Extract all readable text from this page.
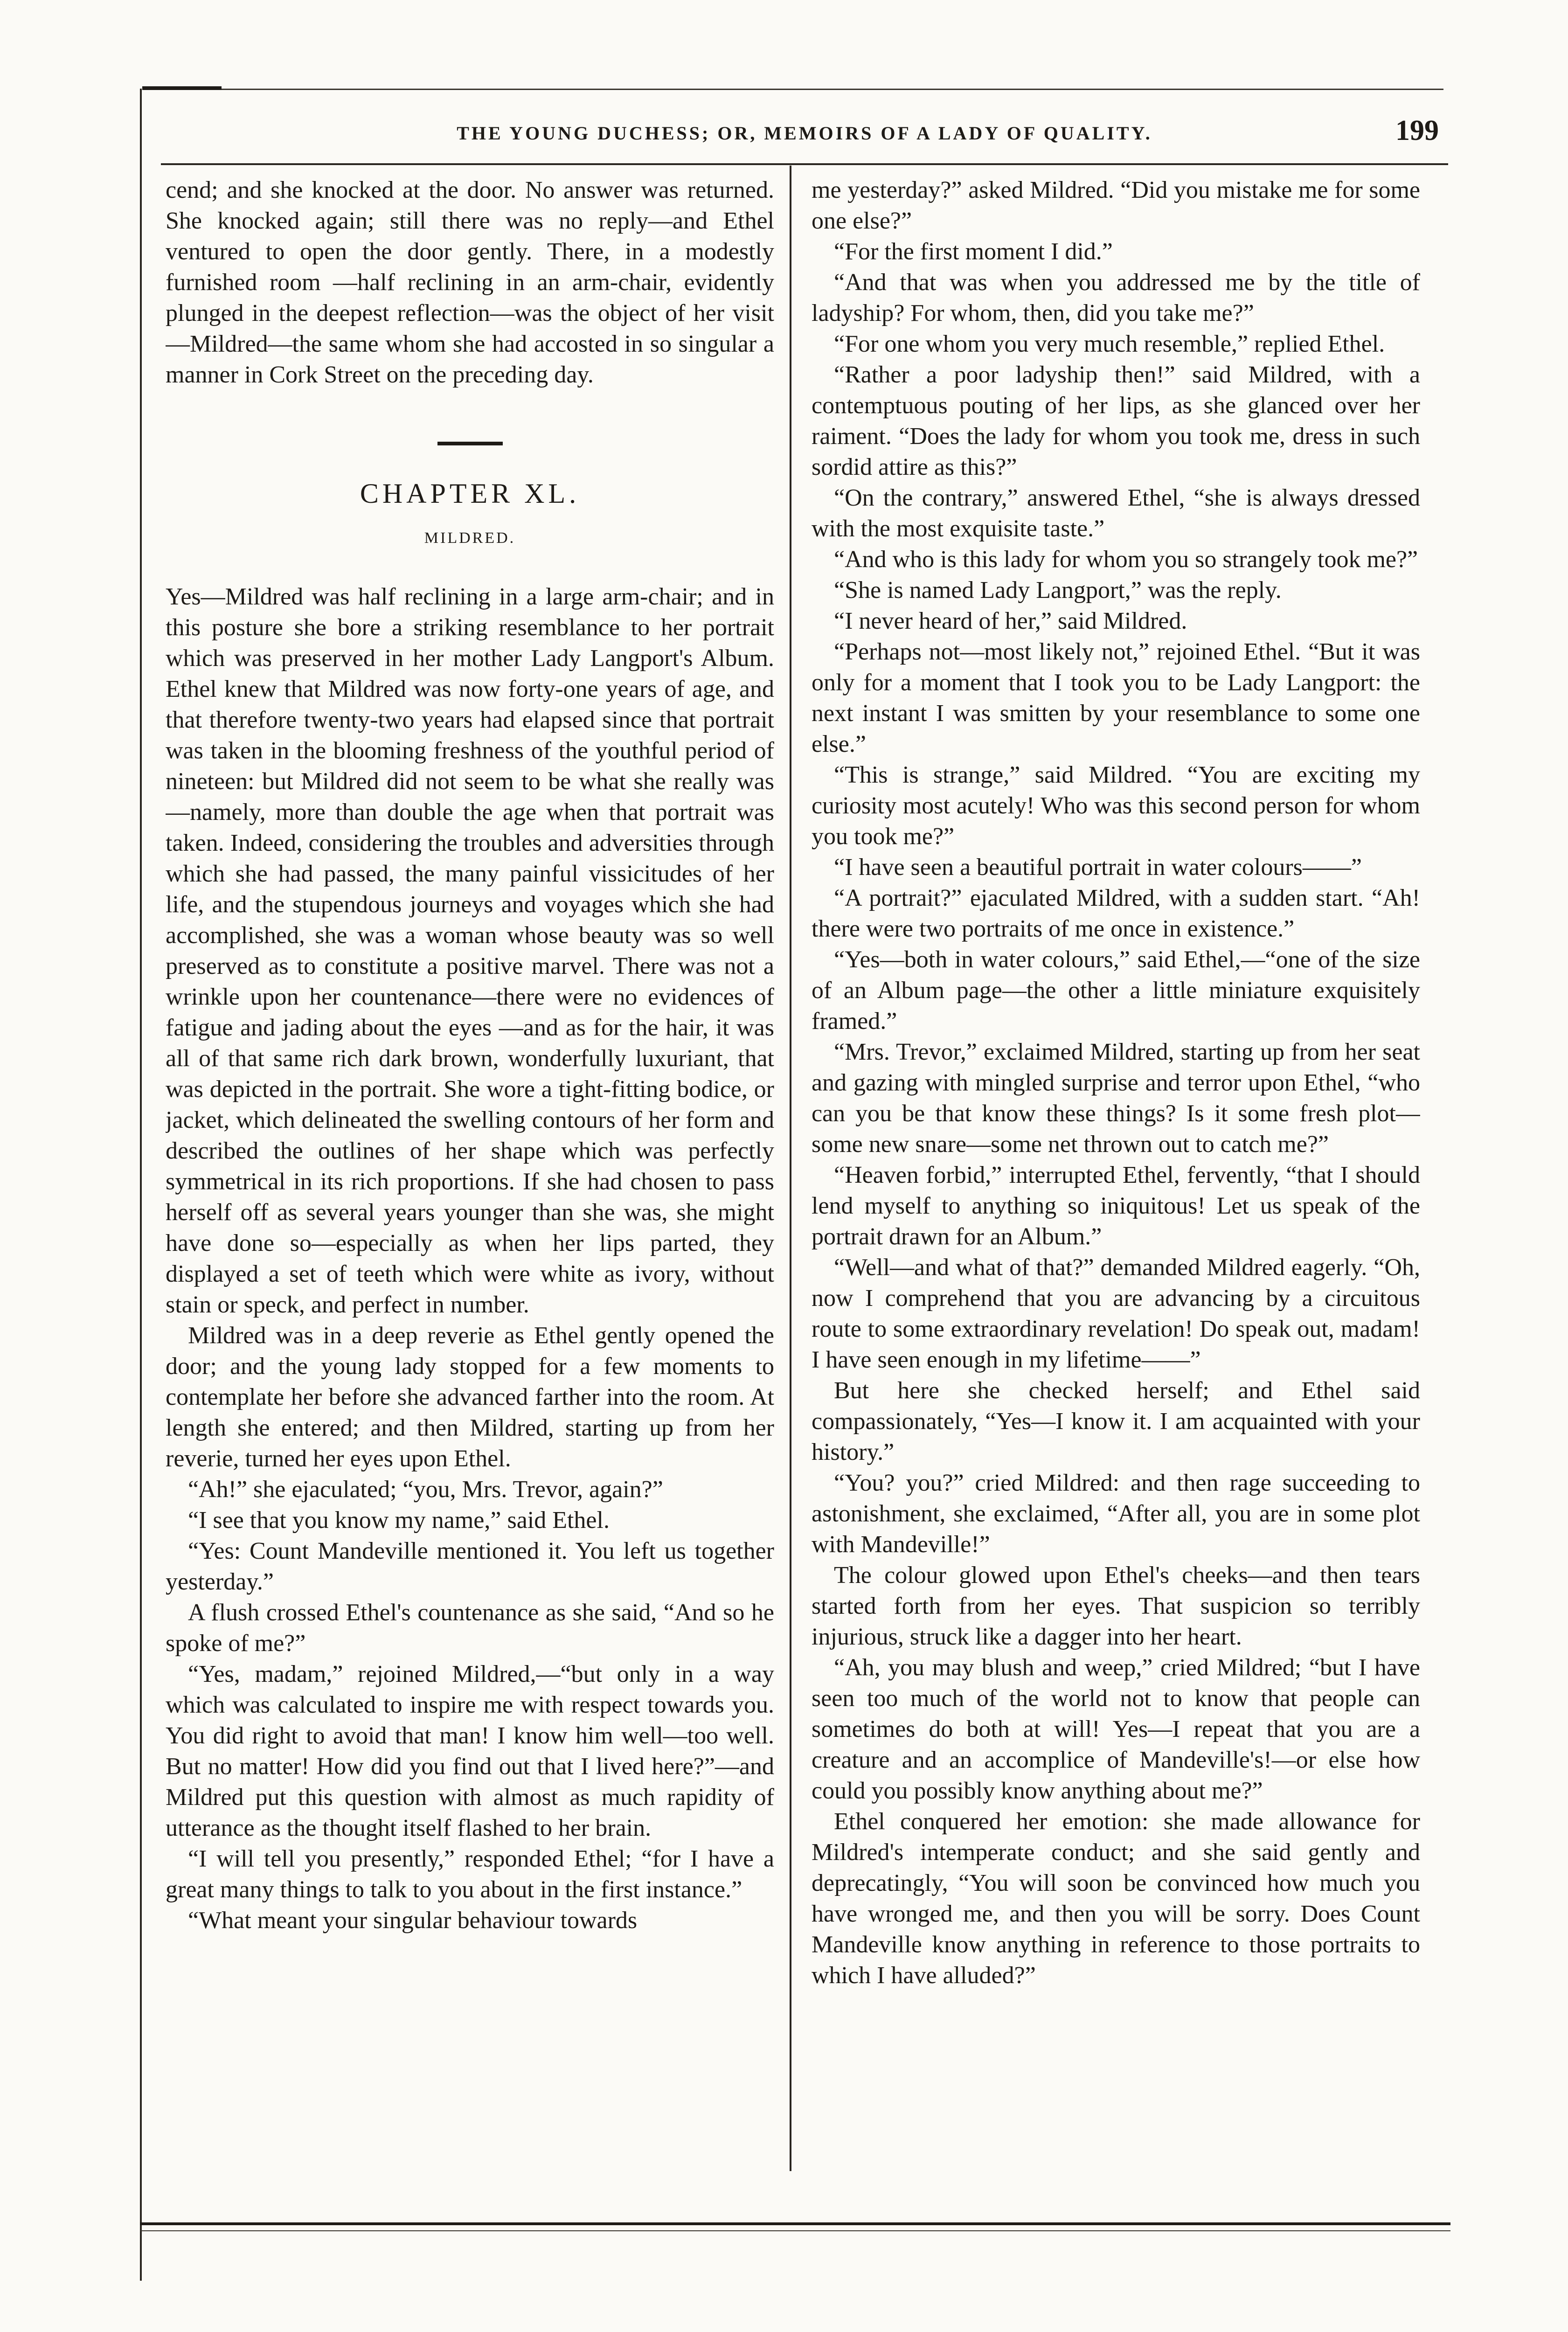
THE YOUNG DUCHESS; OR, MEMOIRS OF A LADY OF QUALITY.	199

cend; and she knocked at the door. No answer was returned. She knocked again; still there was no reply—and Ethel ventured to open the door gently. There, in a modestly furnished room —half reclining in an arm-chair, evidently plunged in the deepest reflection—was the object of her visit—Mildred—the same whom she had accosted in so singular a manner in Cork Street on the preceding day.

CHAPTER XL.
MILDRED.

Yes—Mildred was half reclining in a large arm-chair; and in this posture she bore a striking resemblance to her portrait which was preserved in her mother Lady Langport's Album. Ethel knew that Mildred was now forty-one years of age, and that therefore twenty-two years had elapsed since that portrait was taken in the blooming freshness of the youthful period of nineteen: but Mildred did not seem to be what she really was—namely, more than double the age when that portrait was taken. Indeed, considering the troubles and adversities through which she had passed, the many painful vissicitudes of her life, and the stupendous journeys and voyages which she had accomplished, she was a woman whose beauty was so well preserved as to constitute a positive marvel. There was not a wrinkle upon her countenance—there were no evidences of fatigue and jading about the eyes —and as for the hair, it was all of that same rich dark brown, wonderfully luxuriant, that was depicted in the portrait. She wore a tight-fitting bodice, or jacket, which delineated the swelling contours of her form and described the outlines of her shape which was perfectly symmetrical in its rich proportions. If she had chosen to pass herself off as several years younger than she was, she might have done so—especially as when her lips parted, they displayed a set of teeth which were white as ivory, without stain or speck, and perfect in number.

Mildred was in a deep reverie as Ethel gently opened the door; and the young lady stopped for a few moments to contemplate her before she advanced farther into the room. At length she entered; and then Mildred, starting up from her reverie, turned her eyes upon Ethel.

“Ah!” she ejaculated; “you, Mrs. Trevor, again?”

“I see that you know my name,” said Ethel.

“Yes: Count Mandeville mentioned it. You left us together yesterday.”

A flush crossed Ethel's countenance as she said, “And so he spoke of me?”

“Yes, madam,” rejoined Mildred,—“but only in a way which was calculated to inspire me with respect towards you. You did right to avoid that man! I know him well—too well. But no matter! How did you find out that I lived here?”—and Mildred put this question with almost as much rapidity of utterance as the thought itself flashed to her brain.

“I will tell you presently,” responded Ethel; “for I have a great many things to talk to you about in the first instance.”

“What meant your singular behaviour towards

me yesterday?” asked Mildred. “Did you mistake me for some one else?”

“For the first moment I did.”

“And that was when you addressed me by the title of ladyship? For whom, then, did you take me?”

“For one whom you very much resemble,” replied Ethel.

“Rather a poor ladyship then!” said Mildred, with a contemptuous pouting of her lips, as she glanced over her raiment. “Does the lady for whom you took me, dress in such sordid attire as this?”

“On the contrary,” answered Ethel, “she is always dressed with the most exquisite taste.”

“And who is this lady for whom you so strangely took me?”

“She is named Lady Langport,” was the reply.

“I never heard of her,” said Mildred.

“Perhaps not—most likely not,” rejoined Ethel. “But it was only for a moment that I took you to be Lady Langport: the next instant I was smitten by your resemblance to some one else.”

“This is strange,” said Mildred. “You are exciting my curiosity most acutely! Who was this second person for whom you took me?”

“I have seen a beautiful portrait in water colours——”

“A portrait?” ejaculated Mildred, with a sudden start. “Ah! there were two portraits of me once in existence.”

“Yes—both in water colours,” said Ethel,—“one of the size of an Album page—the other a little miniature exquisitely framed.”

“Mrs. Trevor,” exclaimed Mildred, starting up from her seat and gazing with mingled surprise and terror upon Ethel, “who can you be that know these things? Is it some fresh plot—some new snare—some net thrown out to catch me?”

“Heaven forbid,” interrupted Ethel, fervently, “that I should lend myself to anything so iniquitous! Let us speak of the portrait drawn for an Album.”

“Well—and what of that?” demanded Mildred eagerly. “Oh, now I comprehend that you are advancing by a circuitous route to some extraordinary revelation! Do speak out, madam! I have seen enough in my lifetime——”

But here she checked herself; and Ethel said compassionately, “Yes—I know it. I am acquainted with your history.”

“You? you?” cried Mildred: and then rage succeeding to astonishment, she exclaimed, “After all, you are in some plot with Mandeville!”

The colour glowed upon Ethel's cheeks—and then tears started forth from her eyes. That suspicion so terribly injurious, struck like a dagger into her heart.

“Ah, you may blush and weep,” cried Mildred; “but I have seen too much of the world not to know that people can sometimes do both at will! Yes—I repeat that you are a creature and an accomplice of Mandeville's!—or else how could you possibly know anything about me?”

Ethel conquered her emotion: she made allowance for Mildred's intemperate conduct; and she said gently and deprecatingly, “You will soon be convinced how much you have wronged me, and then you will be sorry. Does Count Mandeville know anything in reference to those portraits to which I have alluded?”
